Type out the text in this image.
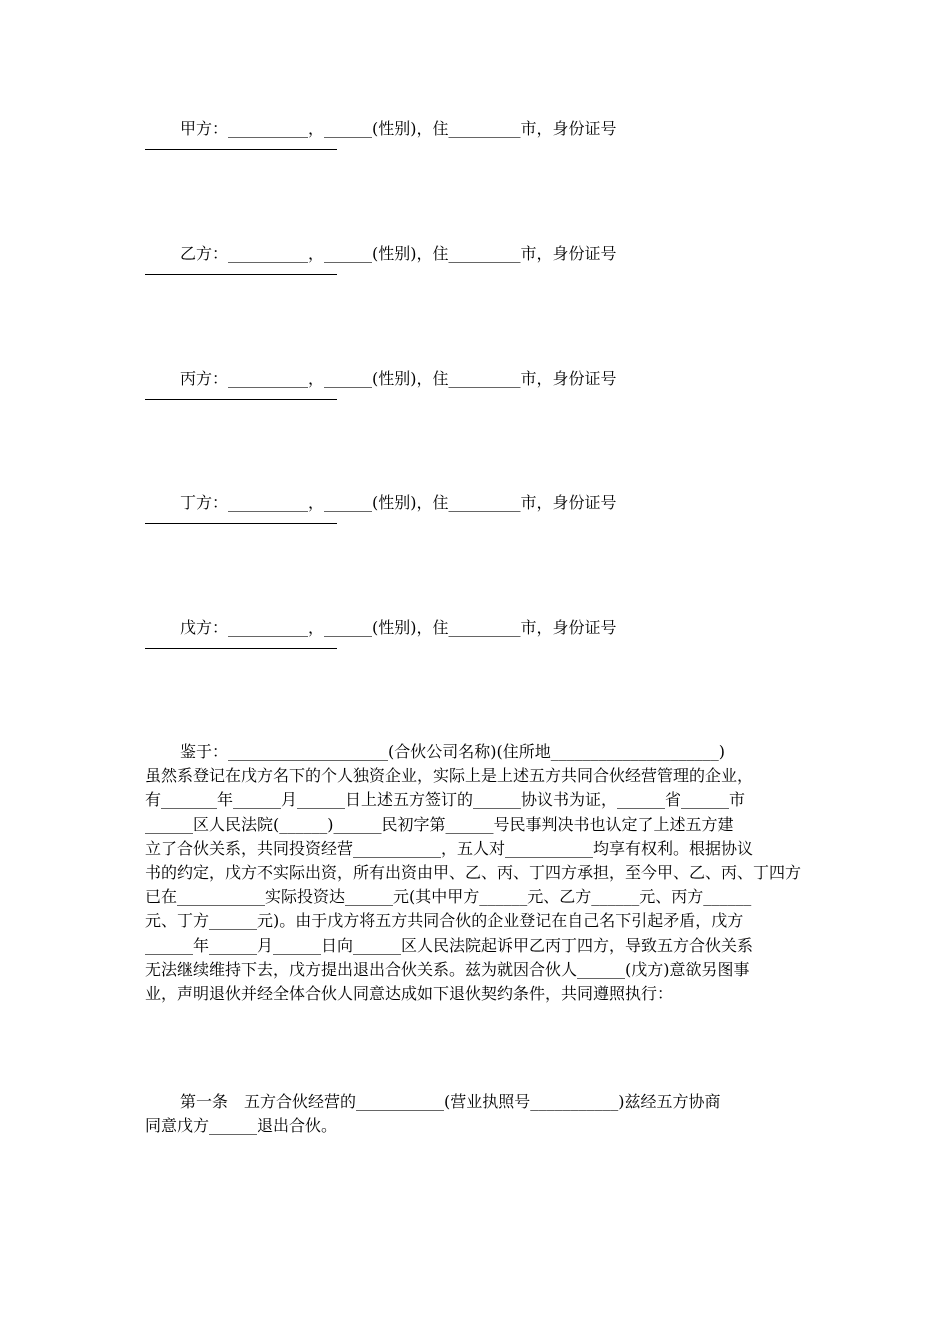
甲方：__________，______(性别)，住_________市，身份证号
乙方：__________，______(性别)，住_________市，身份证号
丙方：__________，______(性别)，住_________市，身份证号
丁方：__________，______(性别)，住_________市，身份证号
戊方：__________，______(性别)，住_________市，身份证号

鉴于：____________________(合伙公司名称)(住所地_____________________)

虽然系登记在戊方名下的个人独资企业，实际上是上述五方共同合伙经营管理的企业，

有_______年______月______日上述五方签订的______协议书为证，______省______市

______区人民法院(______)______民初字第______号民事判决书也认定了上述五方建

立了合伙关系，共同投资经营___________，五人对___________均享有权利。根据协议

书的约定，戊方不实际出资，所有出资由甲、乙、丙、丁四方承担，至今甲、乙、丙、丁四方

已在___________实际投资达______元(其中甲方______元、乙方______元、丙方______

元、丁方______元)。由于戊方将五方共同合伙的企业登记在自己名下引起矛盾，戊方

______年______月______日向______区人民法院起诉甲乙丙丁四方，导致五方合伙关系

无法继续维持下去，戊方提出退出合伙关系。兹为就因合伙人______(戊方)意欲另图事

业，声明退伙并经全体合伙人同意达成如下退伙契约条件，共同遵照执行：

第一条　五方合伙经营的___________(营业执照号___________)兹经五方协商

同意戊方______退出合伙。
